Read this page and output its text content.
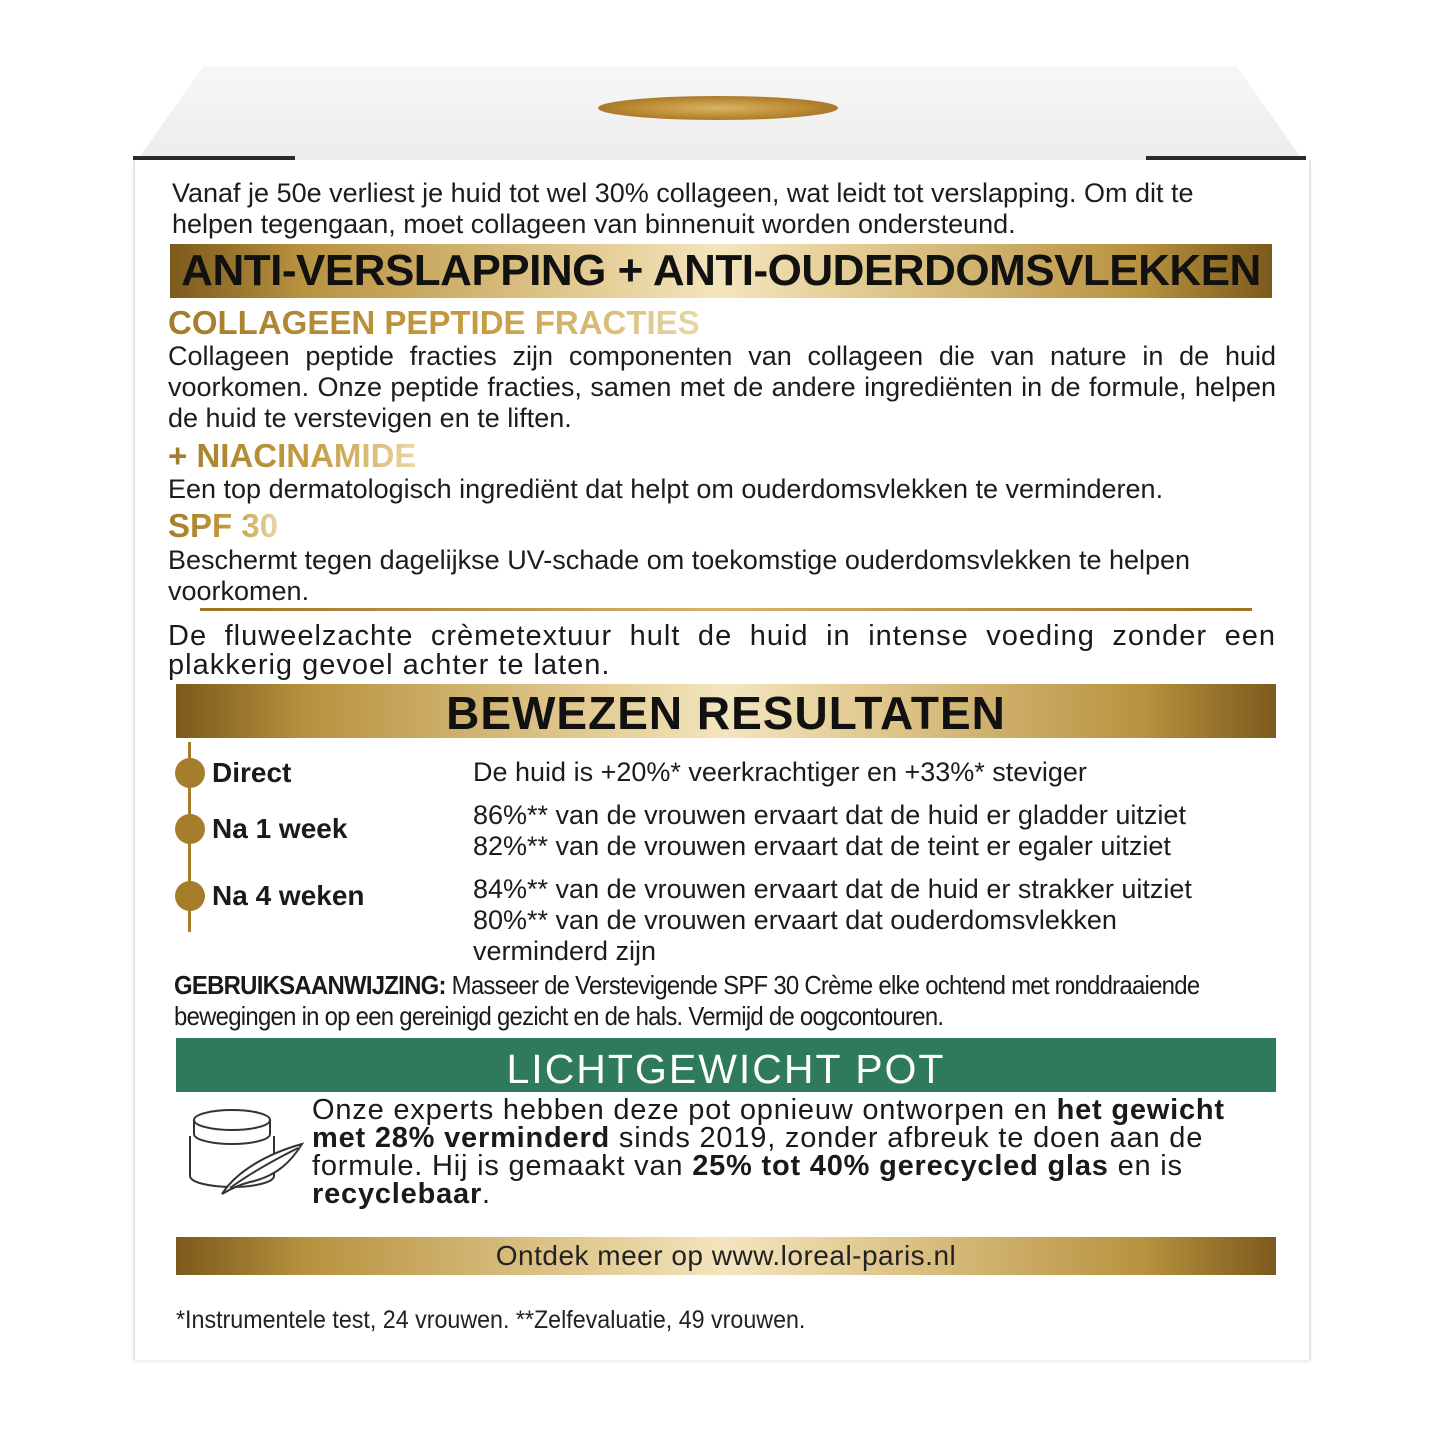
Vanaf je 50e verliest je huid tot wel 30% collageen, wat leidt tot verslapping. Om dit te helpen tegengaan, moet collageen van binnenuit worden ondersteund.
ANTI-VERSLAPPING + ANTI-OUDERDOMSVLEKKEN
COLLAGEEN PEPTIDE FRACTIES
Collageen peptide fracties zijn componenten van collageen die van nature in de huid voorkomen. Onze peptide fracties, samen met de andere ingrediënten in de formule, helpen de huid te verstevigen en te liften.
+ NIACINAMIDE
Een top dermatologisch ingrediënt dat helpt om ouderdomsvlekken te verminderen.
SPF 30
Beschermt tegen dagelijkse UV-schade om toekomstige ouderdomsvlekken te helpen voorkomen.
De fluweelzachte crèmetextuur hult de huid in intense voeding zonder een plakkerig gevoel achter te laten.
BEWEZEN RESULTATEN
Direct	De huid is +20%* veerkrachtiger en +33%* steviger
Na 1 week	86%** van de vrouwen ervaart dat de huid er gladder uitziet
82%** van de vrouwen ervaart dat de teint er egaler uitziet
Na 4 weken	84%** van de vrouwen ervaart dat de huid er strakker uitziet
80%** van de vrouwen ervaart dat ouderdomsvlekken
verminderd zijn
GEBRUIKSAANWIJZING: Masseer de Verstevigende SPF 30 Crème elke ochtend met ronddraaiende bewegingen in op een gereinigd gezicht en de hals. Vermijd de oogcontouren.
LICHTGEWICHT POT
Onze experts hebben deze pot opnieuw ontworpen en het gewicht met 28% verminderd sinds 2019, zonder afbreuk te doen aan de formule. Hij is gemaakt van 25% tot 40% gerecycled glas en is recyclebaar.
Ontdek meer op www.loreal-paris.nl
*Instrumentele test, 24 vrouwen. **Zelfevaluatie, 49 vrouwen.
